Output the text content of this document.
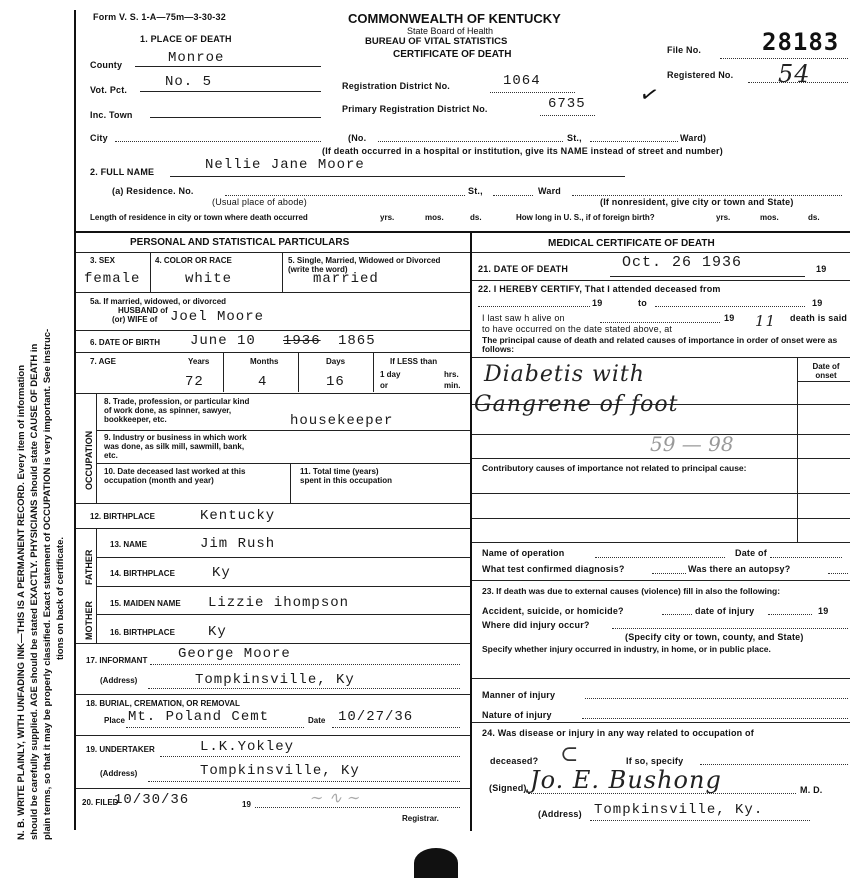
N. B. WRITE PLAINLY, WITH UNFADING INK—THIS IS A PERMANENT RECORD. Every item of information should be carefully supplied. AGE should be stated EXACTLY. PHYSICIANS should state CAUSE OF DEATH in plain terms, so that it may be properly classified. Exact statement of OCCUPATION is very important. See instruc- tions on back of certificate.
Form V. S. 1-A—75m—3-30-32	COMMONWEALTH OF KENTUCKY
State Board of Health
BUREAU OF VITAL STATISTICS
CERTIFICATE OF DEATH	File No.	28183
Registered No. 54
✓
1. PLACE OF DEATH
County	Monroe
Vot. Pct.	No. 5
Inc. Town
City
Registration District No.	1064
Primary Registration District No.	6735
(No.	St.,	Ward)
(If death occurred in a hospital or institution, give its NAME instead of street and number)
2. FULL NAME	Nellie Jane Moore
(a) Residence. No.	St.,	Ward
(Usual place of abode)	(If nonresident, give city or town and State)
Length of residence in city or town where death occurred	yrs.	mos.	ds.	How long in U. S., if of foreign birth?	yrs.	mos.	ds.
PERSONAL AND STATISTICAL PARTICULARS
3. SEX
female
4. COLOR OR RACE
white
5. Single, Married, Widowed or Divorced (write the word)
married
5a. If married, widowed, or divorced
HUSBAND of
(or) WIFE of Joel Moore
6. DATE OF BIRTH June 10 1936 1865
7. AGE	Years
72
Months
4
Days
16
If LESS than
1 day	hrs.
or	min.
OCCUPATION
8. Trade, profession, or particular kind of work done, as spinner, sawyer, bookkeeper, etc.	housekeeper
9. Industry or business in which work was done, as silk mill, sawmill, bank, etc.
10. Date deceased last worked at this occupation (month and year)
11. Total time (years) spent in this occupation
12. BIRTHPLACE	Kentucky
FATHER
MOTHER
13. NAME	Jim Rush
14. BIRTHPLACE	Ky
15. MAIDEN NAME Lizzie ihompson
16. BIRTHPLACE Ky
17. INFORMANT George Moore
(Address)	Tompkinsville, Ky
18. BURIAL, CREMATION, OR REMOVAL
Place Mt. Poland Cemt	Date 10/27/36
19. UNDERTAKER	L.K.Yokley
(Address)	Tompkinsville, Ky
20. FILED
10/30/36	19	∼ ∿ ∼
Registrar.
MEDICAL CERTIFICATE OF DEATH
21. DATE OF DEATH	Oct. 26 1936	19
22. I HEREBY CERTIFY, That I attended deceased from
19	to	19
I last saw h alive on	19	death is said
to have occurred on the date stated above, at	11
The principal cause of death and related causes of importance in order of onset were as follows:
Date of onset
Diabetis with
Gangrene of foot
59 — 98
Contributory causes of importance not related to principal cause:
Name of operation	Date of
What test confirmed diagnosis?	Was there an autopsy?
23. If death was due to external causes (violence) fill in also the following:
Accident, suicide, or homicide?	date of injury	19
Where did injury occur?
(Specify city or town, county, and State)
Specify whether injury occurred in industry, in home, or in public place.
Manner of injury
Nature of injury
24. Was disease or injury in any way related to occupation of
deceased? ⊂	If so, specify
(Signed) Jo. E. Bushong	M. D.
(Address) Tompkinsville, Ky.
